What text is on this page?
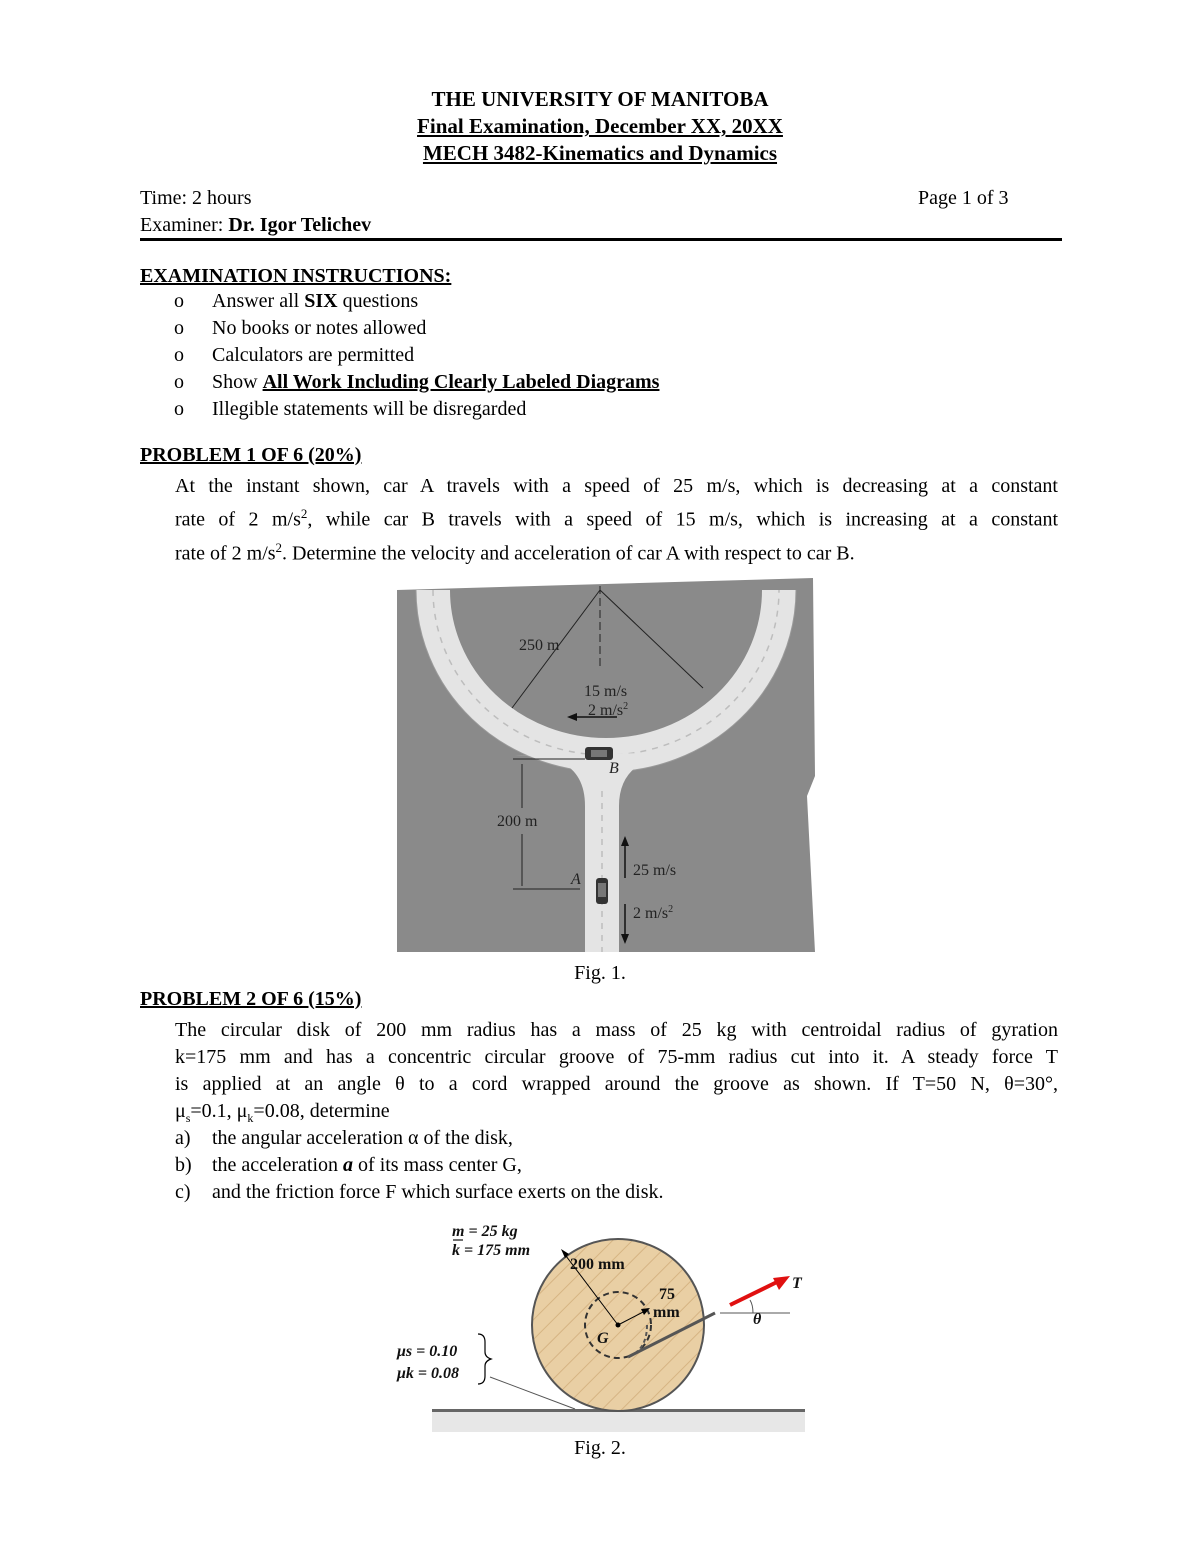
THE UNIVERSITY OF MANITOBA
Final Examination, December XX, 20XX
MECH 3482-Kinematics and Dynamics
Time: 2 hours	Page 1 of 3
Examiner: Dr. Igor Telichev
EXAMINATION INSTRUCTIONS:
o Answer all SIX questions
o No books or notes allowed
o Calculators are permitted
o Show All Work Including Clearly Labeled Diagrams
o Illegible statements will be disregarded
PROBLEM 1 OF 6 (20%)
At the instant shown, car A travels with a speed of 25 m/s, which is decreasing at a constant
rate of 2 $m/s^2$, while car B travels with a speed of 15 m/s, which is increasing at a constant
rate of 2 $m/s^2$. Determine the velocity and acceleration of car A with respect to car B.
250 m
15 m/s
2 $m/s^2$
B
200 m
A
25 m/s
2 $m/s^2$
Fig. 1.
PROBLEM 2 OF 6 (15%)
The circular disk of 200 mm radius has a mass of 25 kg with centroidal radius of gyration
k=175 mm and has a concentric circular groove of 75-mm radius cut into it. A steady force T
is applied at an angle θ to a cord wrapped around the groove as shown. If T=50 N, θ=30°,
$\mu_s=0.1$, $\mu_k=0.08$, determine
a) the angular acceleration α of the disk,
b) the acceleration a of its mass center G,
c) and the friction force F which surface exerts on the disk.
m = 25 kg
k = 175 mm
200 mm
75
mm
G
T
θ
μs = 0.10
μk = 0.08
Fig. 2.
